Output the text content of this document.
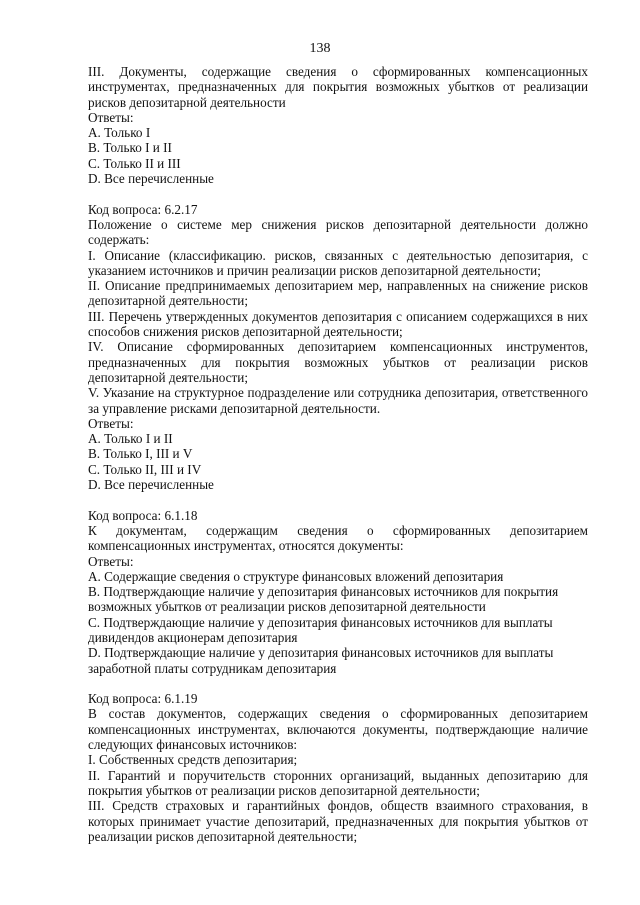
138

III. Документы, содержащие сведения о сформированных компенсационных инструментах, предназначенных для покрытия возможных убытков от реализации рисков депозитарной деятельности

Ответы:

A. Только I

B. Только I и II

C. Только II и III

D. Все перечисленные

Код вопроса: 6.2.17

Положение о системе мер снижения рисков депозитарной деятельности должно содержать:

I. Описание (классификацию. рисков, связанных с деятельностью депозитария, с указанием источников и причин реализации рисков депозитарной деятельности;

II. Описание предпринимаемых депозитарием мер, направленных на снижение рисков депозитарной деятельности;

III. Перечень утвержденных документов депозитария с описанием содержащихся в них способов снижения рисков депозитарной деятельности;

IV. Описание сформированных депозитарием компенсационных инструментов, предназначенных для покрытия возможных убытков от реализации рисков депозитарной деятельности;

V. Указание на структурное подразделение или сотрудника депозитария, ответственного за управление рисками депозитарной деятельности.

Ответы:

A. Только I и II

B. Только I, III и V

C. Только II, III и IV

D. Все перечисленные

Код вопроса: 6.1.18

К документам, содержащим сведения о сформированных депозитарием компенсационных инструментах, относятся документы:

Ответы:

A. Содержащие сведения о структуре финансовых вложений депозитария

B. Подтверждающие наличие у депозитария финансовых источников для покрытия возможных убытков от реализации рисков депозитарной деятельности

C. Подтверждающие наличие у депозитария финансовых источников для выплаты дивидендов акционерам депозитария

D. Подтверждающие наличие у депозитария финансовых источников для выплаты заработной платы сотрудникам депозитария

Код вопроса: 6.1.19

В состав документов, содержащих сведения о сформированных депозитарием компенсационных инструментах, включаются документы, подтверждающие наличие следующих финансовых источников:

I. Собственных средств депозитария;

II. Гарантий и поручительств сторонних организаций, выданных депозитарию для покрытия убытков от реализации рисков депозитарной деятельности;

III. Средств страховых и гарантийных фондов, обществ взаимного страхования, в которых принимает участие депозитарий, предназначенных для покрытия убытков от реализации рисков депозитарной деятельности;
